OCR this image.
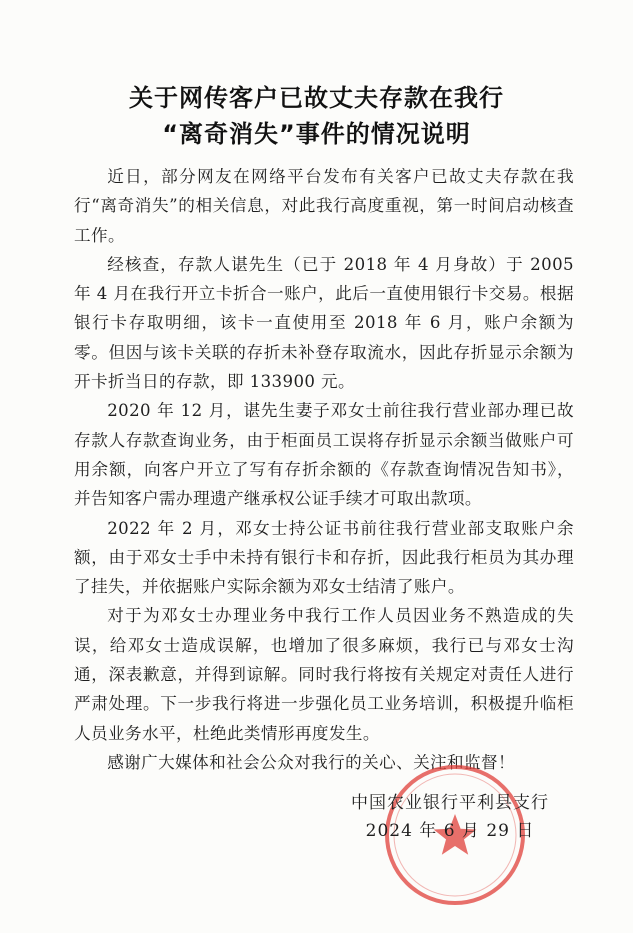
关于网传客户已故丈夫存款在我行
“离奇消失”事件的情况说明

近日，部分网友在网络平台发布有关客户已故丈夫存款在我行“离奇消失”的相关信息，对此我行高度重视，第一时间启动核查工作。

经核查，存款人谌先生（已于 2018 年 4 月身故）于 2005 年 4 月在我行开立卡折合一账户，此后一直使用银行卡交易。根据银行卡存取明细，该卡一直使用至 2018 年 6 月，账户余额为零。但因与该卡关联的存折未补登存取流水，因此存折显示余额为开卡折当日的存款，即 133900 元。

2020 年 12 月，谌先生妻子邓女士前往我行营业部办理已故存款人存款查询业务，由于柜面员工误将存折显示余额当做账户可用余额，向客户开立了写有存折余额的《存款查询情况告知书》，并告知客户需办理遗产继承权公证手续才可取出款项。

2022 年 2 月，邓女士持公证书前往我行营业部支取账户余额，由于邓女士手中未持有银行卡和存折，因此我行柜员为其办理了挂失，并依据账户实际余额为邓女士结清了账户。

对于为邓女士办理业务中我行工作人员因业务不熟造成的失误，给邓女士造成误解，也增加了很多麻烦，我行已与邓女士沟通，深表歉意，并得到谅解。同时我行将按有关规定对责任人进行严肃处理。下一步我行将进一步强化员工业务培训，积极提升临柜人员业务水平，杜绝此类情形再度发生。

感谢广大媒体和社会公众对我行的关心、关注和监督！

中国农业银行平利县支行
2024 年 6 月 29 日
